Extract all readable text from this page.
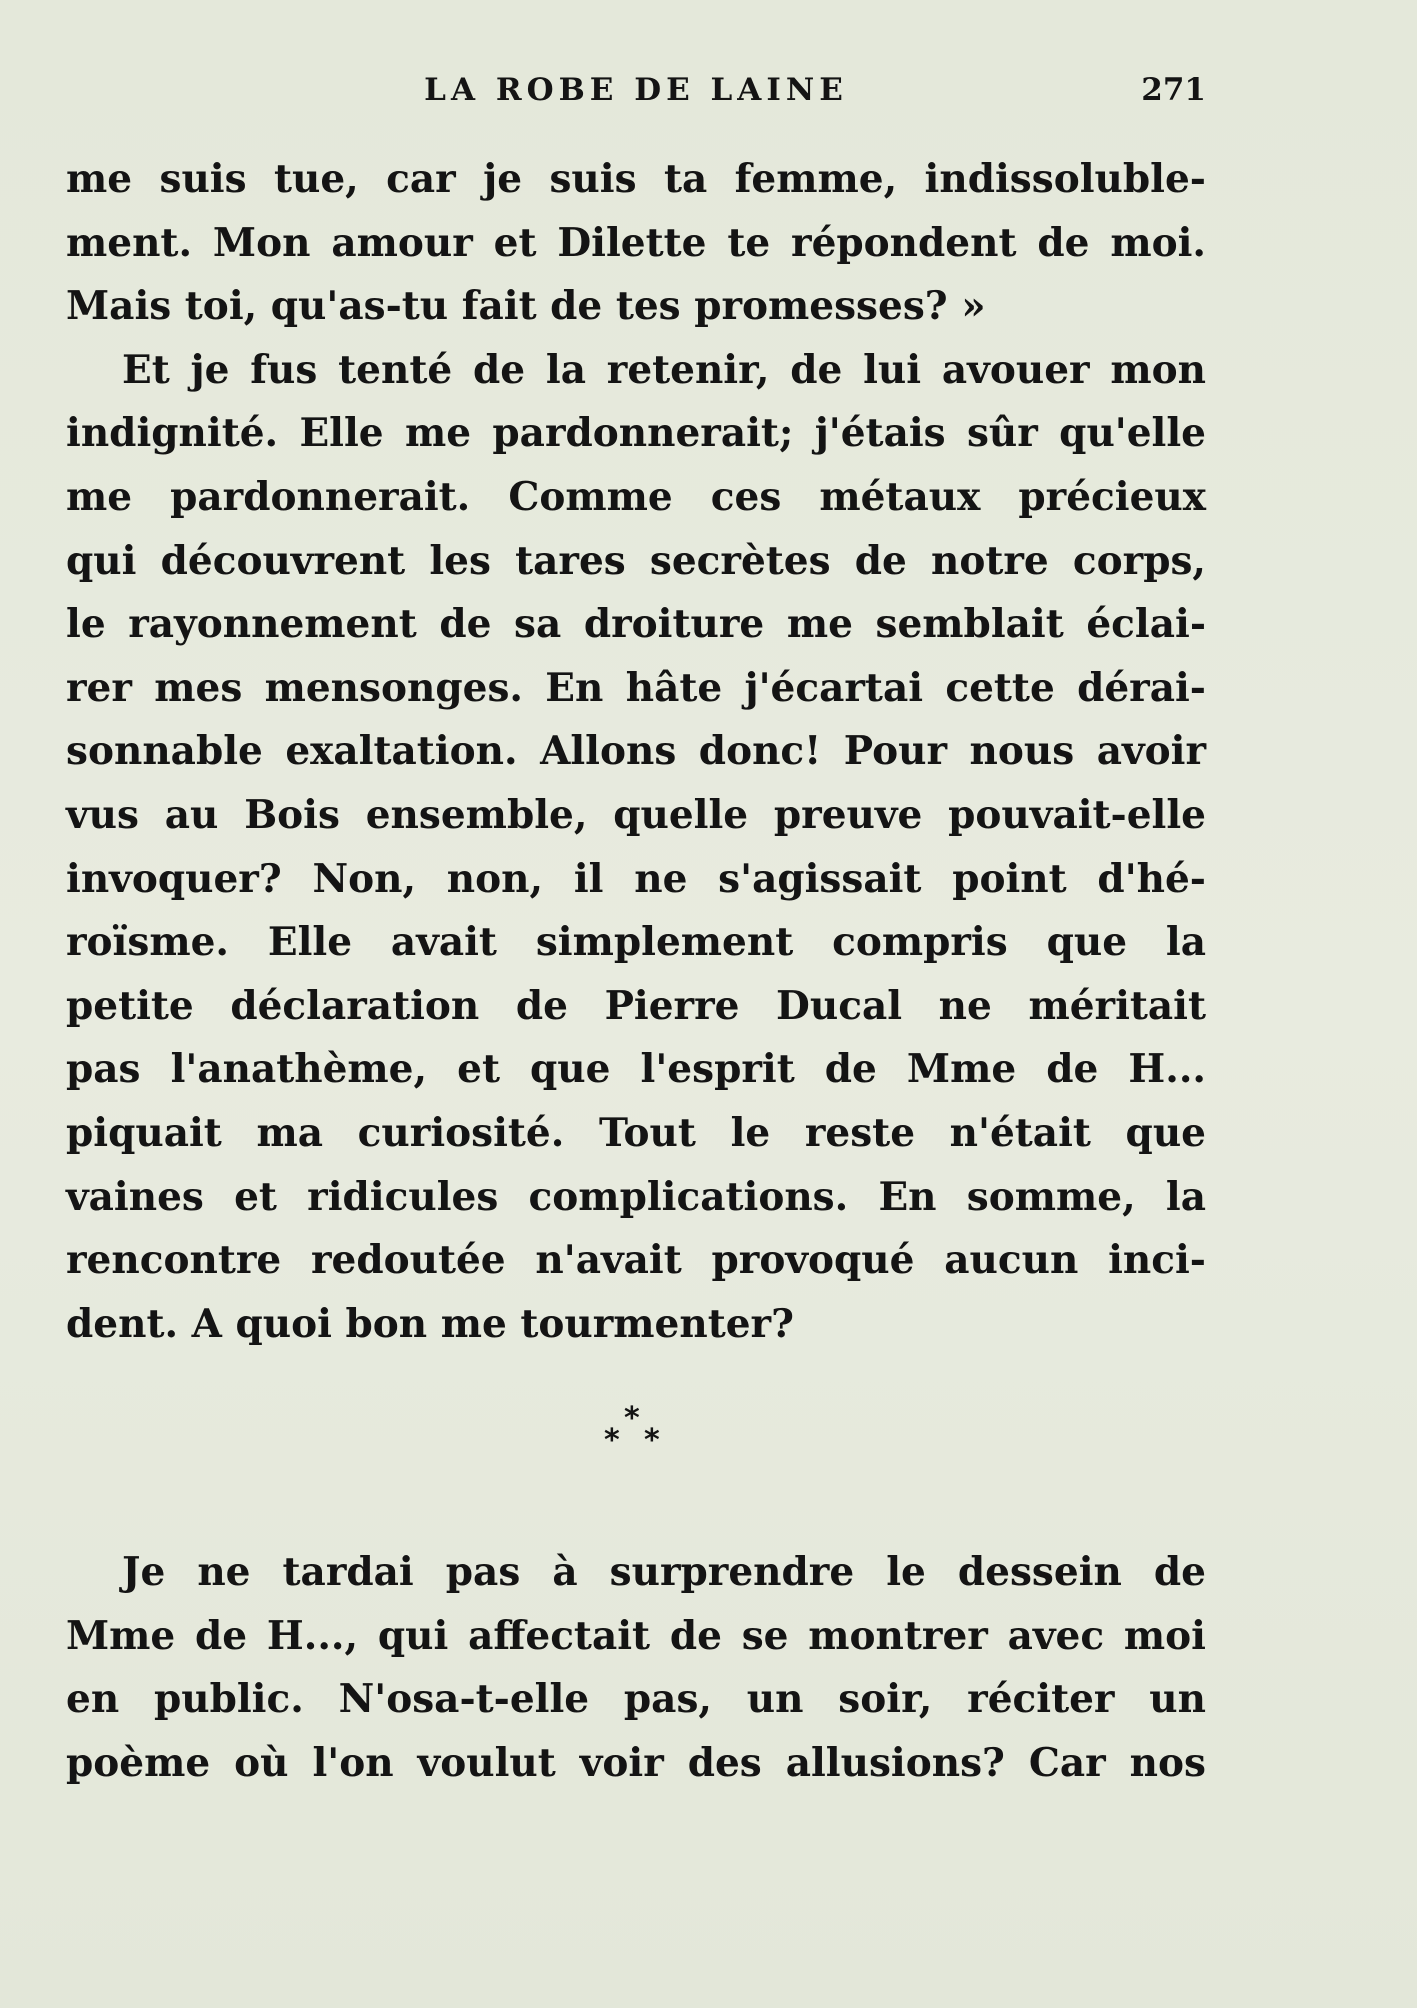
LA ROBE DE LAINE	271
me suis tue, car je suis ta femme, indissoluble-
ment. Mon amour et Dilette te répondent de moi.
Mais toi, qu'as-tu fait de tes promesses? »
Et je fus tenté de la retenir, de lui avouer mon
indignité. Elle me pardonnerait; j'étais sûr qu'elle
me pardonnerait. Comme ces métaux précieux
qui découvrent les tares secrètes de notre corps,
le rayonnement de sa droiture me semblait éclai-
rer mes mensonges. En hâte j'écartai cette dérai-
sonnable exaltation. Allons donc! Pour nous avoir
vus au Bois ensemble, quelle preuve pouvait-elle
invoquer? Non, non, il ne s'agissait point d'hé-
roïsme. Elle avait simplement compris que la
petite déclaration de Pierre Ducal ne méritait
pas l'anathème, et que l'esprit de Mme de H...
piquait ma curiosité. Tout le reste n'était que
vaines et ridicules complications. En somme, la
rencontre redoutée n'avait provoqué aucun inci-
dent. A quoi bon me tourmenter?
*
* *
Je ne tardai pas à surprendre le dessein de
Mme de H..., qui affectait de se montrer avec moi
en public. N'osa-t-elle pas, un soir, réciter un
poème où l'on voulut voir des allusions? Car nos
